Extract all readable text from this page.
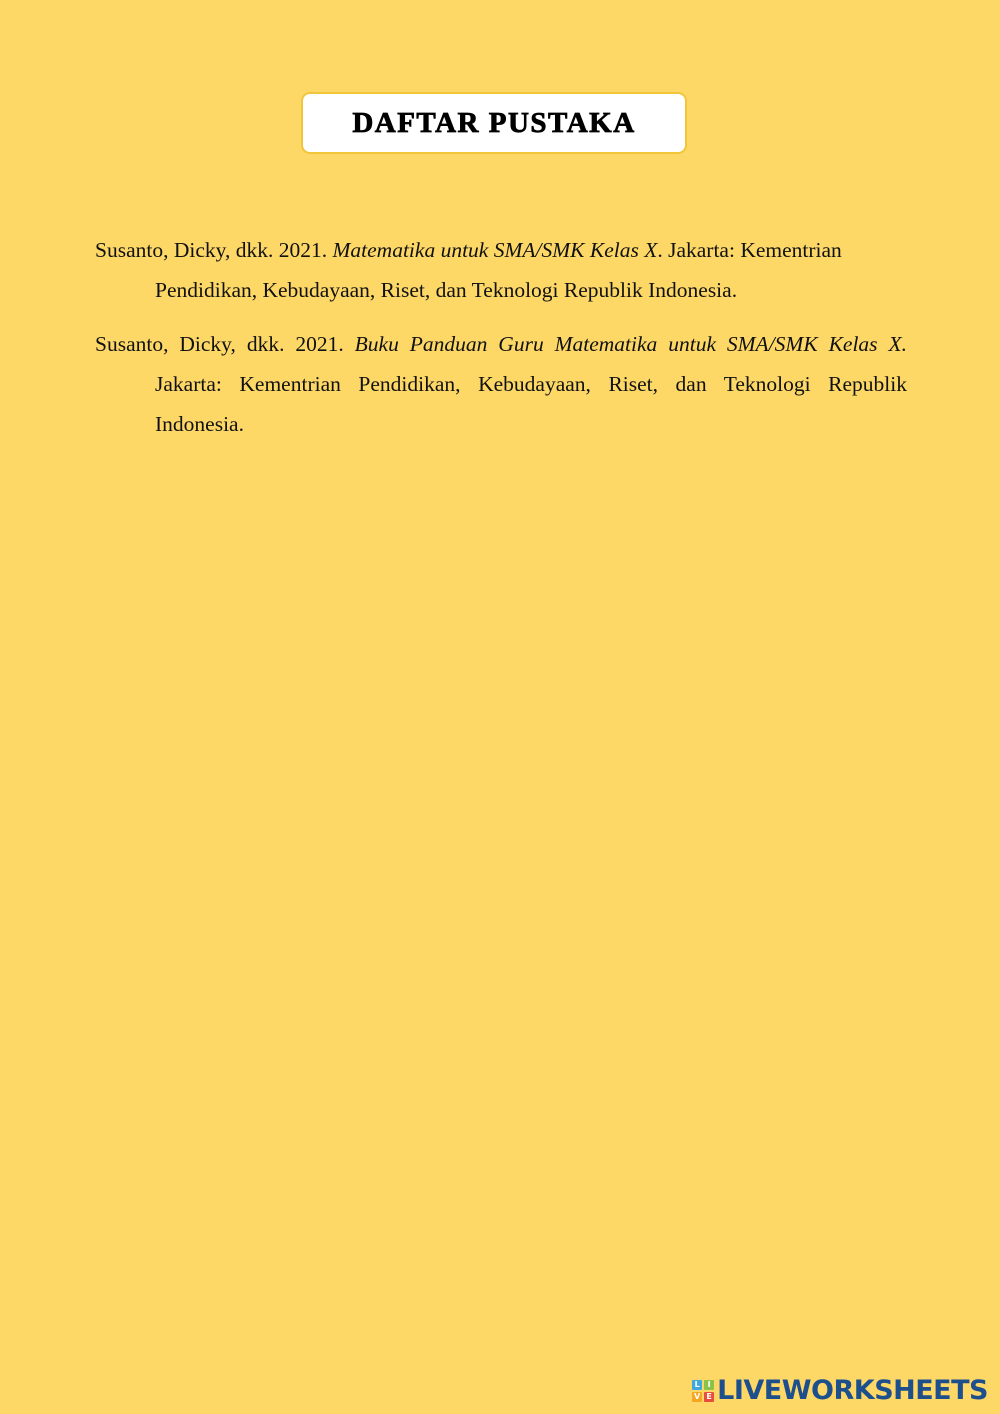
DAFTAR PUSTAKA

Susanto, Dicky, dkk. 2021. Matematika untuk SMA/SMK Kelas X. Jakarta: Kementrian Pendidikan, Kebudayaan, Riset, dan Teknologi Republik Indonesia.

Susanto, Dicky, dkk. 2021. Buku Panduan Guru Matematika untuk SMA/SMK Kelas X. Jakarta: Kementrian Pendidikan, Kebudayaan, Riset, dan Teknologi Republik Indonesia.

L I
V E LIVEWORKSHEETS
